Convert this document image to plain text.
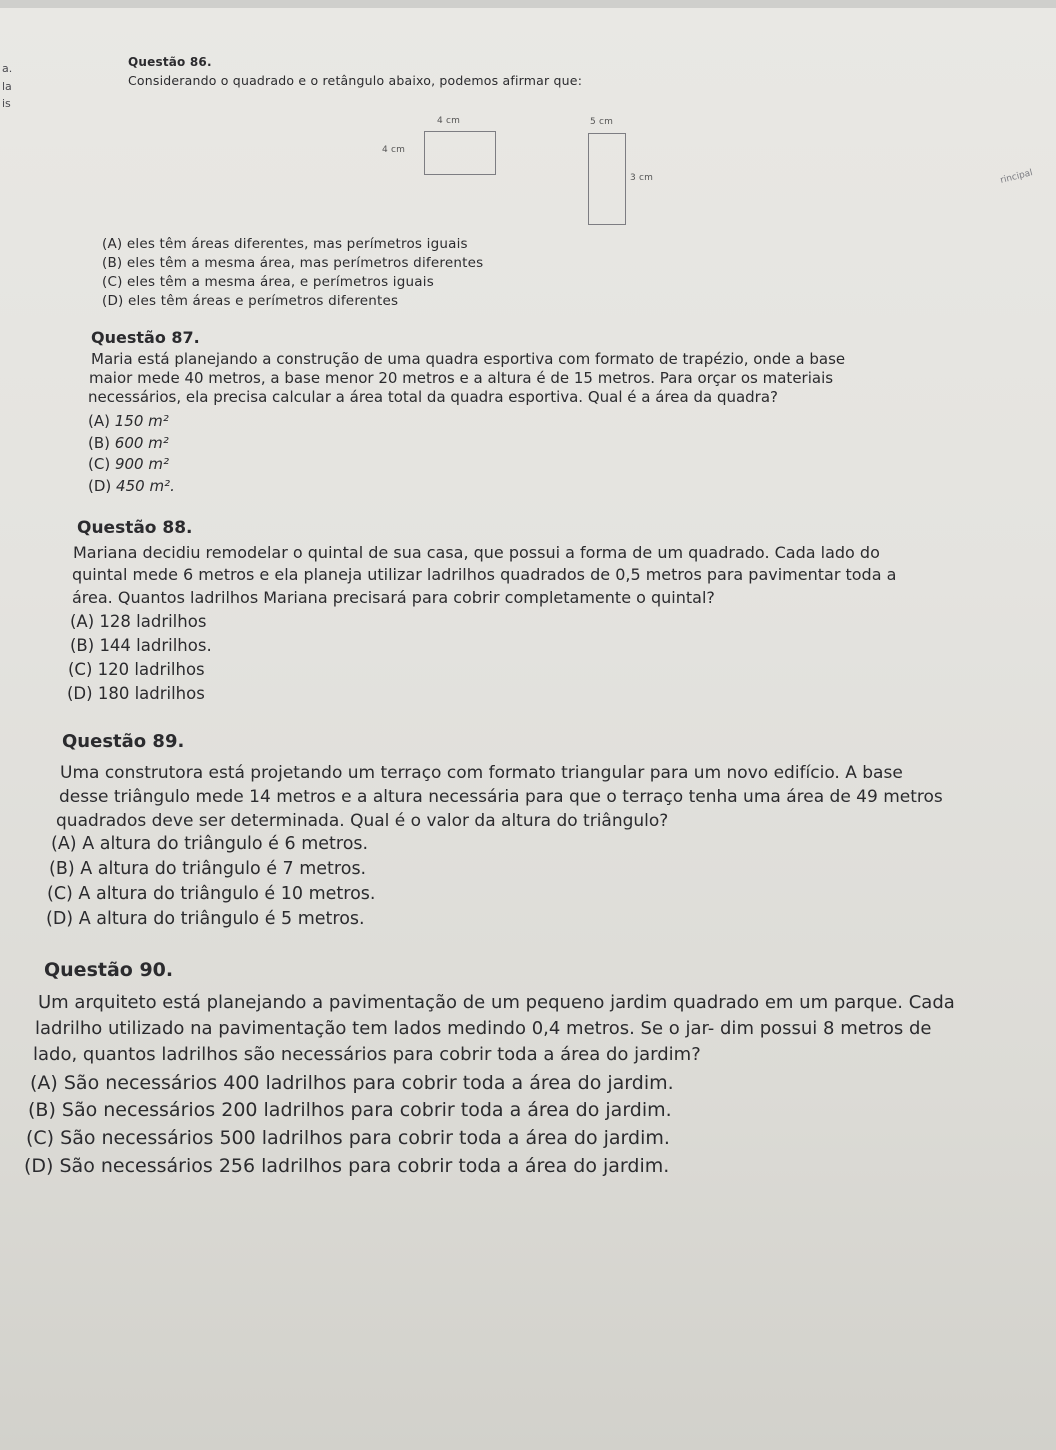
a.
la
is
rincipal
Questão 86.
Considerando o quadrado e o retângulo abaixo, podemos afirmar que:
4 cm
4 cm
5 cm
3 cm
(A) eles têm áreas diferentes, mas perímetros iguais
(B) eles têm a mesma área, mas perímetros diferentes
(C) eles têm a mesma área, e perímetros iguais
(D) eles têm áreas e perímetros diferentes
Questão 87.
Maria está planejando a construção de uma quadra esportiva com formato de trapézio, onde a base
maior mede 40 metros, a base menor 20 metros e a altura é de 15 metros. Para orçar os materiais
necessários, ela precisa calcular a área total da quadra esportiva. Qual é a área da quadra?
(A) 150 m²
(B) 600 m²
(C) 900 m²
(D) 450 m².
Questão 88.
Mariana decidiu remodelar o quintal de sua casa, que possui a forma de um quadrado. Cada lado do
quintal mede 6 metros e ela planeja utilizar ladrilhos quadrados de 0,5 metros para pavimentar toda a
área. Quantos ladrilhos Mariana precisará para cobrir completamente o quintal?
(A) 128 ladrilhos
(B) 144 ladrilhos.
(C) 120 ladrilhos
(D) 180 ladrilhos
Questão 89.
Uma construtora está projetando um terraço com formato triangular para um novo edifício. A base
desse triângulo mede 14 metros e a altura necessária para que o terraço tenha uma área de 49 metros
quadrados deve ser determinada. Qual é o valor da altura do triângulo?
(A) A altura do triângulo é 6 metros.
(B) A altura do triângulo é 7 metros.
(C) A altura do triângulo é 10 metros.
(D) A altura do triângulo é 5 metros.
Questão 90.
Um arquiteto está planejando a pavimentação de um pequeno jardim quadrado em um parque. Cada
ladrilho utilizado na pavimentação tem lados medindo 0,4 metros. Se o jar- dim possui 8 metros de
lado, quantos ladrilhos são necessários para cobrir toda a área do jardim?
(A) São necessários 400 ladrilhos para cobrir toda a área do jardim.
(B) São necessários 200 ladrilhos para cobrir toda a área do jardim.
(C) São necessários 500 ladrilhos para cobrir toda a área do jardim.
(D) São necessários 256 ladrilhos para cobrir toda a área do jardim.
